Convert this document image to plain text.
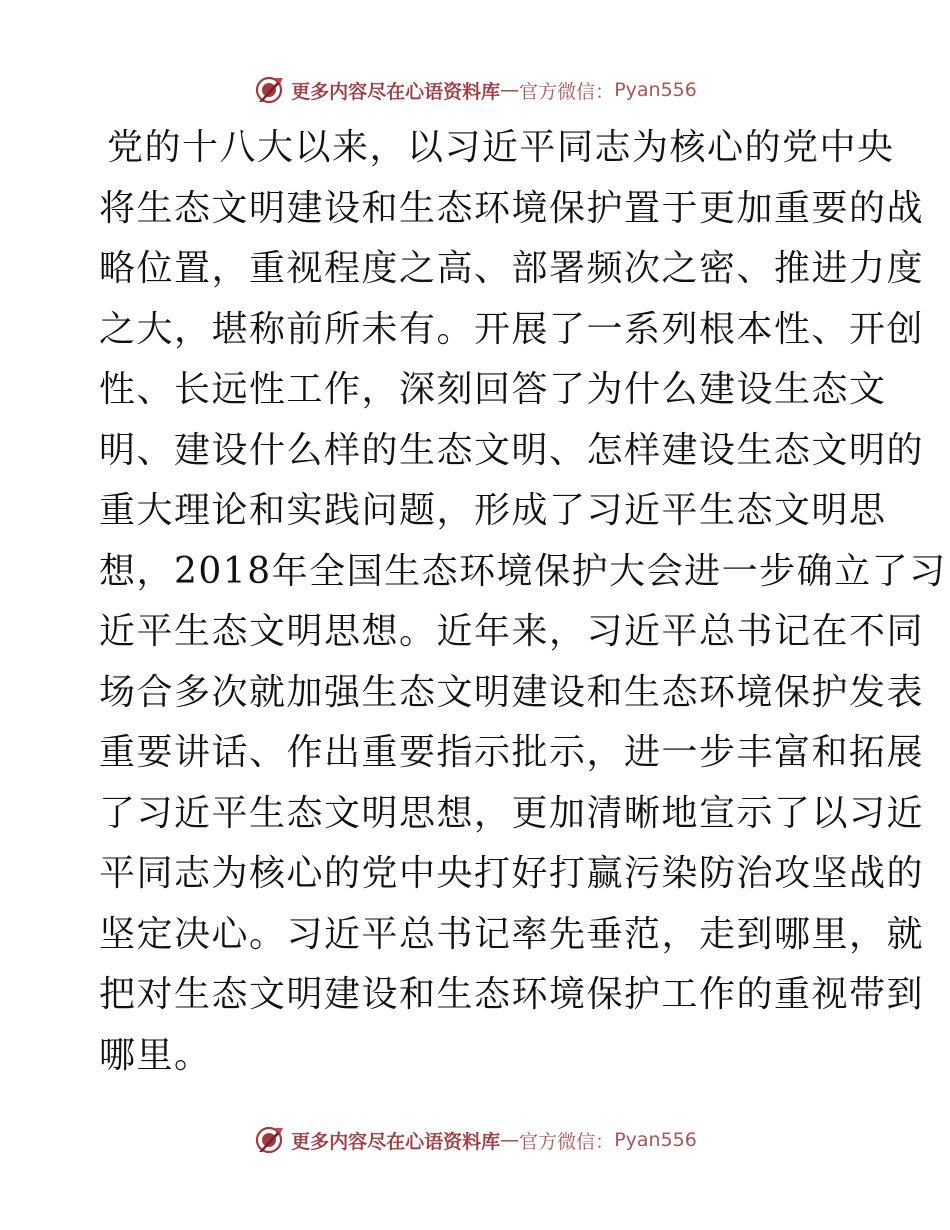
更多内容尽在心语资料库 — 官方微信： Pyan556
党的十八大以来，以习近平同志为核心的党中央
将生态文明建设和生态环境保护置于更加重要的战
略位置，重视程度之高、部署频次之密、推进力度
之大，堪称前所未有。开展了一系列根本性、开创
性、长远性工作，深刻回答了为什么建设生态文
明、建设什么样的生态文明、怎样建设生态文明的
重大理论和实践问题，形成了习近平生态文明思
想，2018年全国生态环境保护大会进一步确立了习
近平生态文明思想。近年来，习近平总书记在不同
场合多次就加强生态文明建设和生态环境保护发表
重要讲话、作出重要指示批示，进一步丰富和拓展
了习近平生态文明思想，更加清晰地宣示了以习近
平同志为核心的党中央打好打赢污染防治攻坚战的
坚定决心。习近平总书记率先垂范，走到哪里，就
把对生态文明建设和生态环境保护工作的重视带到
哪里。
更多内容尽在心语资料库 — 官方微信： Pyan556
